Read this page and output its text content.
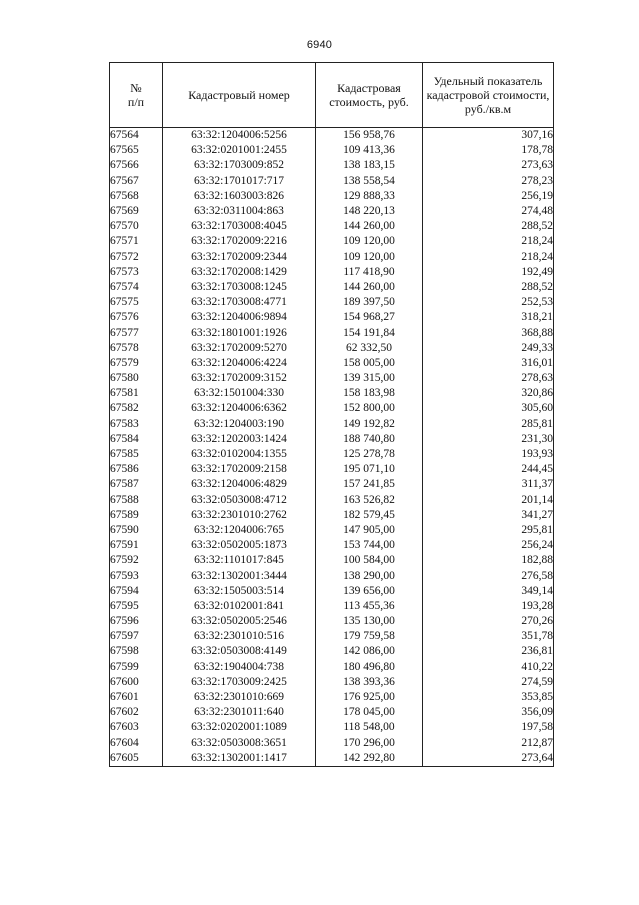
6940
№
п/п	Кадастровый номер	Кадастровая стоимость, руб.	Удельный показатель кадастровой стоимости, руб./кв.м
67564	63:32:1204006:5256	156 958,76	307,16
67565	63:32:0201001:2455	109 413,36	178,78
67566	63:32:1703009:852	138 183,15	273,63
67567	63:32:1701017:717	138 558,54	278,23
67568	63:32:1603003:826	129 888,33	256,19
67569	63:32:0311004:863	148 220,13	274,48
67570	63:32:1703008:4045	144 260,00	288,52
67571	63:32:1702009:2216	109 120,00	218,24
67572	63:32:1702009:2344	109 120,00	218,24
67573	63:32:1702008:1429	117 418,90	192,49
67574	63:32:1703008:1245	144 260,00	288,52
67575	63:32:1703008:4771	189 397,50	252,53
67576	63:32:1204006:9894	154 968,27	318,21
67577	63:32:1801001:1926	154 191,84	368,88
67578	63:32:1702009:5270	62 332,50	249,33
67579	63:32:1204006:4224	158 005,00	316,01
67580	63:32:1702009:3152	139 315,00	278,63
67581	63:32:1501004:330	158 183,98	320,86
67582	63:32:1204006:6362	152 800,00	305,60
67583	63:32:1204003:190	149 192,82	285,81
67584	63:32:1202003:1424	188 740,80	231,30
67585	63:32:0102004:1355	125 278,78	193,93
67586	63:32:1702009:2158	195 071,10	244,45
67587	63:32:1204006:4829	157 241,85	311,37
67588	63:32:0503008:4712	163 526,82	201,14
67589	63:32:2301010:2762	182 579,45	341,27
67590	63:32:1204006:765	147 905,00	295,81
67591	63:32:0502005:1873	153 744,00	256,24
67592	63:32:1101017:845	100 584,00	182,88
67593	63:32:1302001:3444	138 290,00	276,58
67594	63:32:1505003:514	139 656,00	349,14
67595	63:32:0102001:841	113 455,36	193,28
67596	63:32:0502005:2546	135 130,00	270,26
67597	63:32:2301010:516	179 759,58	351,78
67598	63:32:0503008:4149	142 086,00	236,81
67599	63:32:1904004:738	180 496,80	410,22
67600	63:32:1703009:2425	138 393,36	274,59
67601	63:32:2301010:669	176 925,00	353,85
67602	63:32:2301011:640	178 045,00	356,09
67603	63:32:0202001:1089	118 548,00	197,58
67604	63:32:0503008:3651	170 296,00	212,87
67605	63:32:1302001:1417	142 292,80	273,64
